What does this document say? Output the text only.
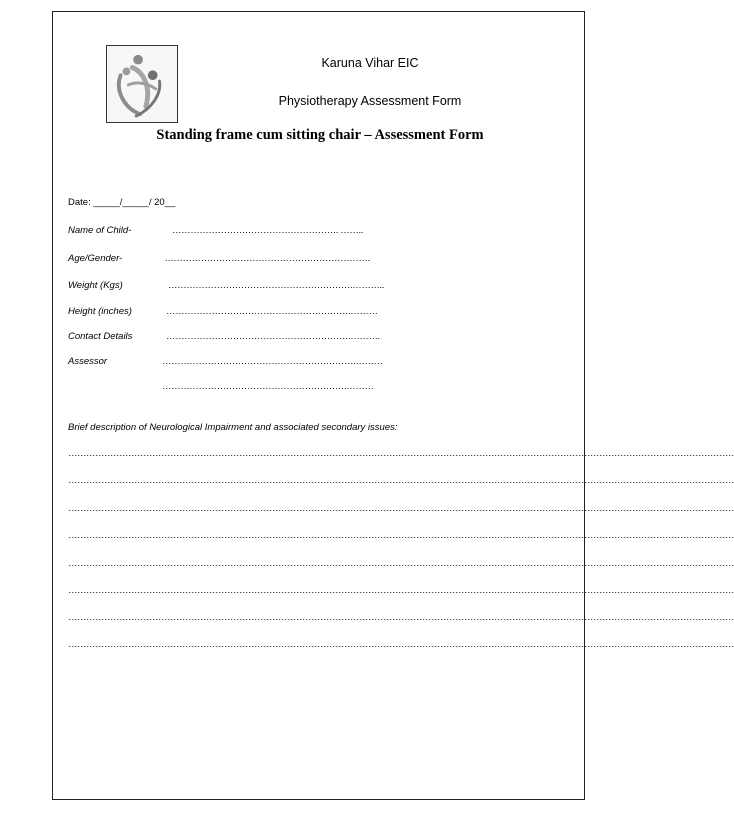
Karuna Vihar EIC
Physiotherapy Assessment Form
Standing frame cum sitting chair – Assessment Form
Date: _____/_____/ 20__
Name of Child-	………………………………………………. ……..
Age/Gender-	.………………………………………………………….
Weight (Kgs)	…………………………………………………….………..
Height (inches)	…………………………………………………….………
Contact Details	…………………………………………………….……….
Assessor	……………………………………………………….………
…………………………………………………….………
Brief description of Neurological Impairment and associated secondary issues:
……………………………………………………………………………………………………………………………………………………………………………………………………
……………………………………………………………………………………………………………………………………………………………………………………………………
……………………………………………………………………………………………………………………………………………………………………………………………………
……………………………………………………………………………………………………………………………………………………………………………………………………
……………………………………………………………………………………………………………………………………………………………………………………………………
……………………………………………………………………………………………………………………………………………………………………………………………………
……………………………………………………………………………………………………………………………………………………………………………………………………
……………………………………………………………………………………………………………………………………………………………………………………………………
